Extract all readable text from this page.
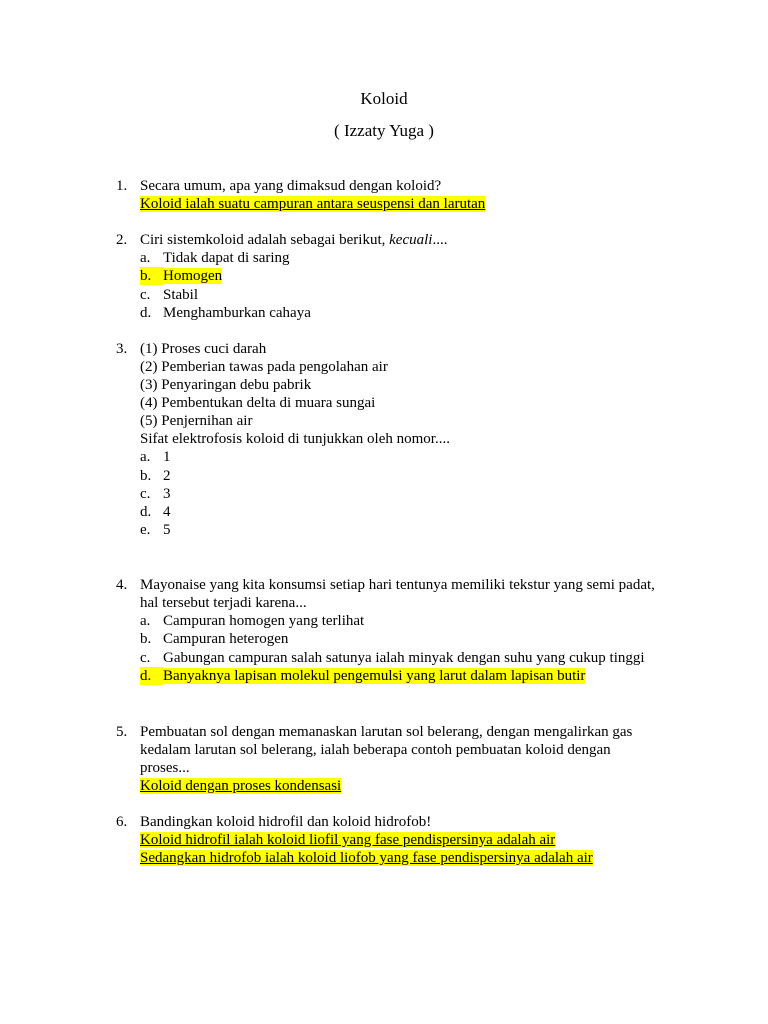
Koloid
( Izzaty Yuga )
1. Secara umum, apa yang dimaksud dengan koloid?
Koloid ialah suatu campuran antara seuspensi dan larutan
2. Ciri sistemkoloid adalah sebagai berikut, kecuali....
a. Tidak dapat di saring
b. Homogen
c. Stabil
d. Menghamburkan cahaya
3. (1) Proses cuci darah
(2) Pemberian tawas pada pengolahan air
(3) Penyaringan debu pabrik
(4) Pembentukan delta di muara sungai
(5) Penjernihan air
Sifat elektrofosis koloid di tunjukkan oleh nomor....
a. 1
b. 2
c. 3
d. 4
e. 5
4. Mayonaise yang kita konsumsi setiap hari tentunya memiliki tekstur yang semi padat,
hal tersebut terjadi karena...
a. Campuran homogen yang terlihat
b. Campuran heterogen
c. Gabungan campuran salah satunya ialah minyak dengan suhu yang cukup tinggi
d. Banyaknya lapisan molekul pengemulsi yang larut dalam lapisan butir
5. Pembuatan sol dengan memanaskan larutan sol belerang, dengan mengalirkan gas
kedalam larutan sol belerang, ialah beberapa contoh pembuatan koloid dengan
proses...
Koloid dengan proses kondensasi
6. Bandingkan koloid hidrofil dan koloid hidrofob!
Koloid hidrofil ialah koloid liofil yang fase pendispersinya adalah air
Sedangkan hidrofob ialah koloid liofob yang fase pendispersinya adalah air
